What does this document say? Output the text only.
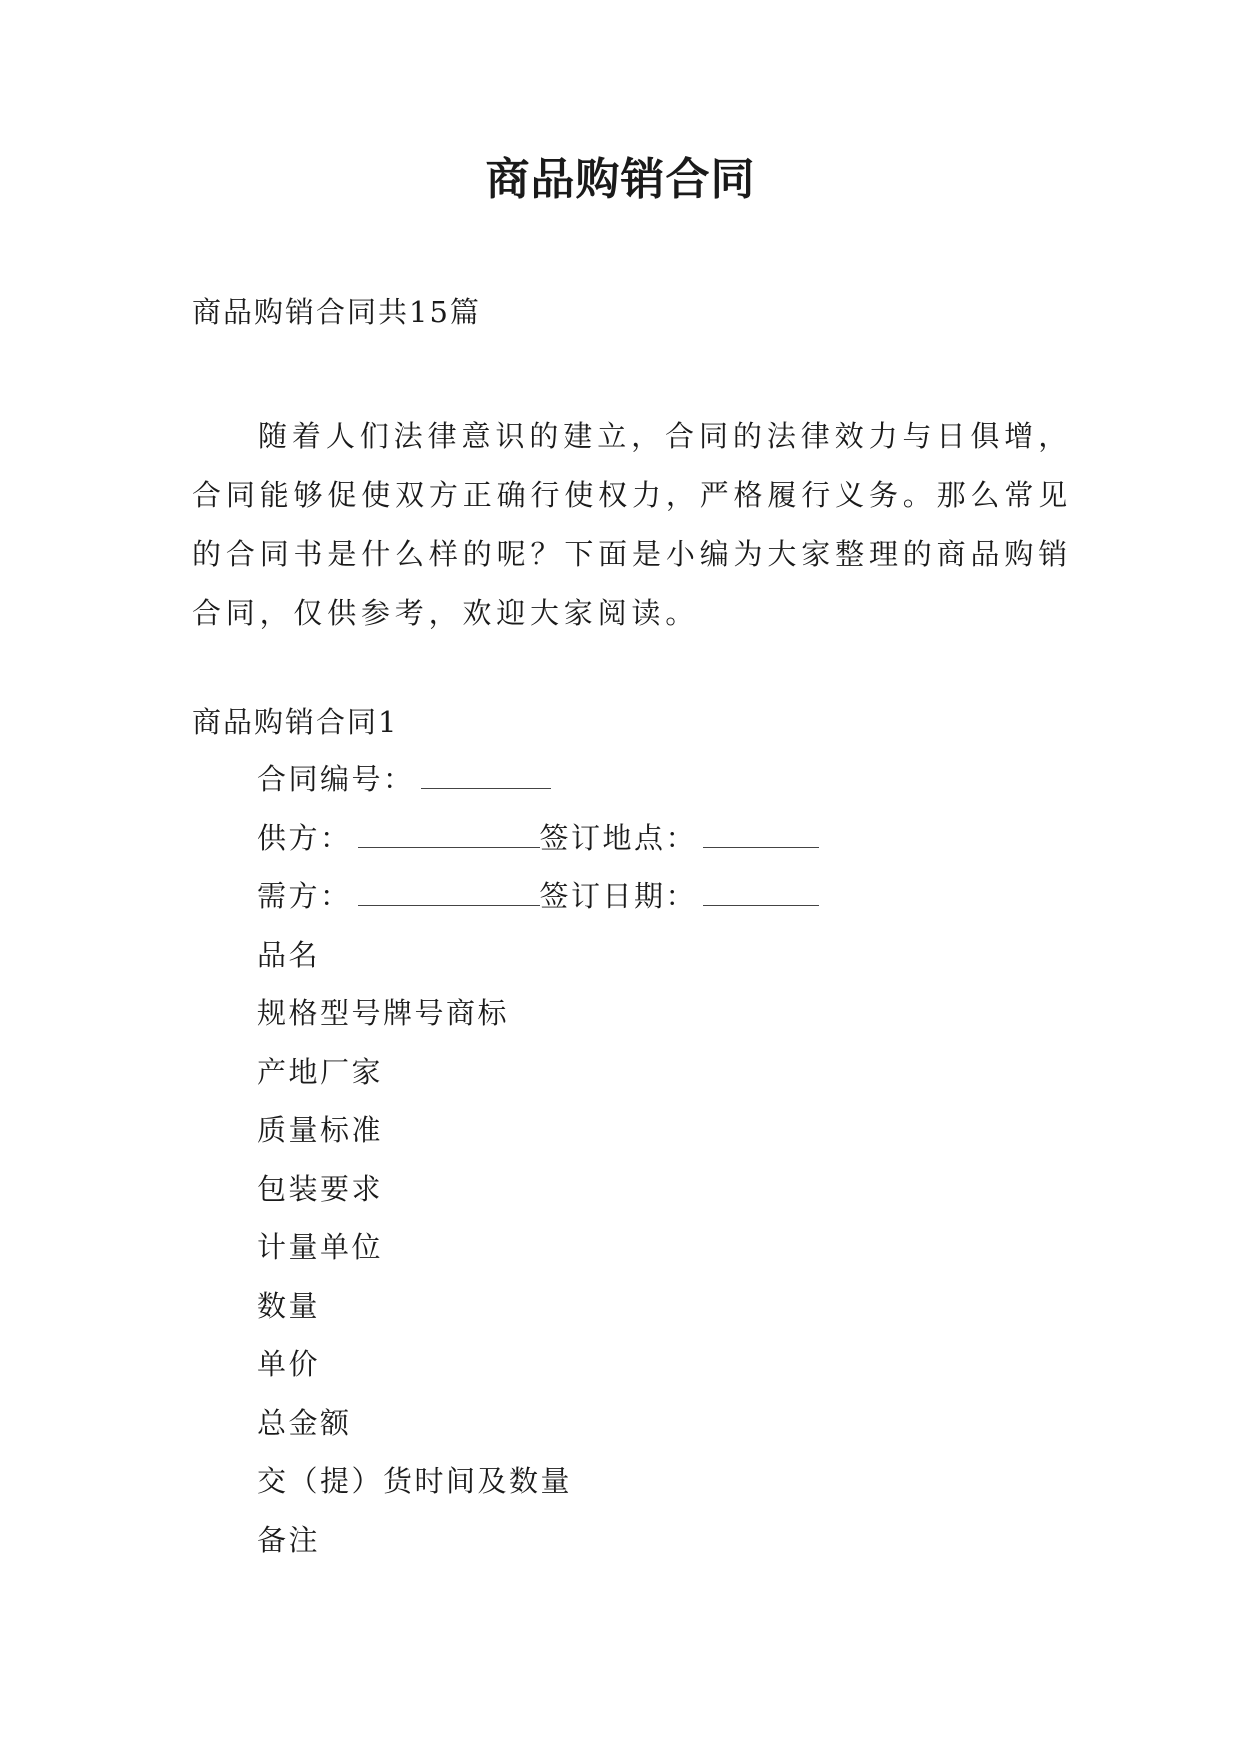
商品购销合同
商品购销合同共15篇

随着人们法律意识的建立，合同的法律效力与日俱增，合同能够促使双方正确行使权力，严格履行义务。那么常见的合同书是什么样的呢？下面是小编为大家整理的商品购销合同，仅供参考，欢迎大家阅读。

商品购销合同1
合同编号：
供方：	签订地点：
需方：	签订日期：
品名
规格型号牌号商标
产地厂家
质量标准
包装要求
计量单位
数量
单价
总金额
交（提）货时间及数量
备注
